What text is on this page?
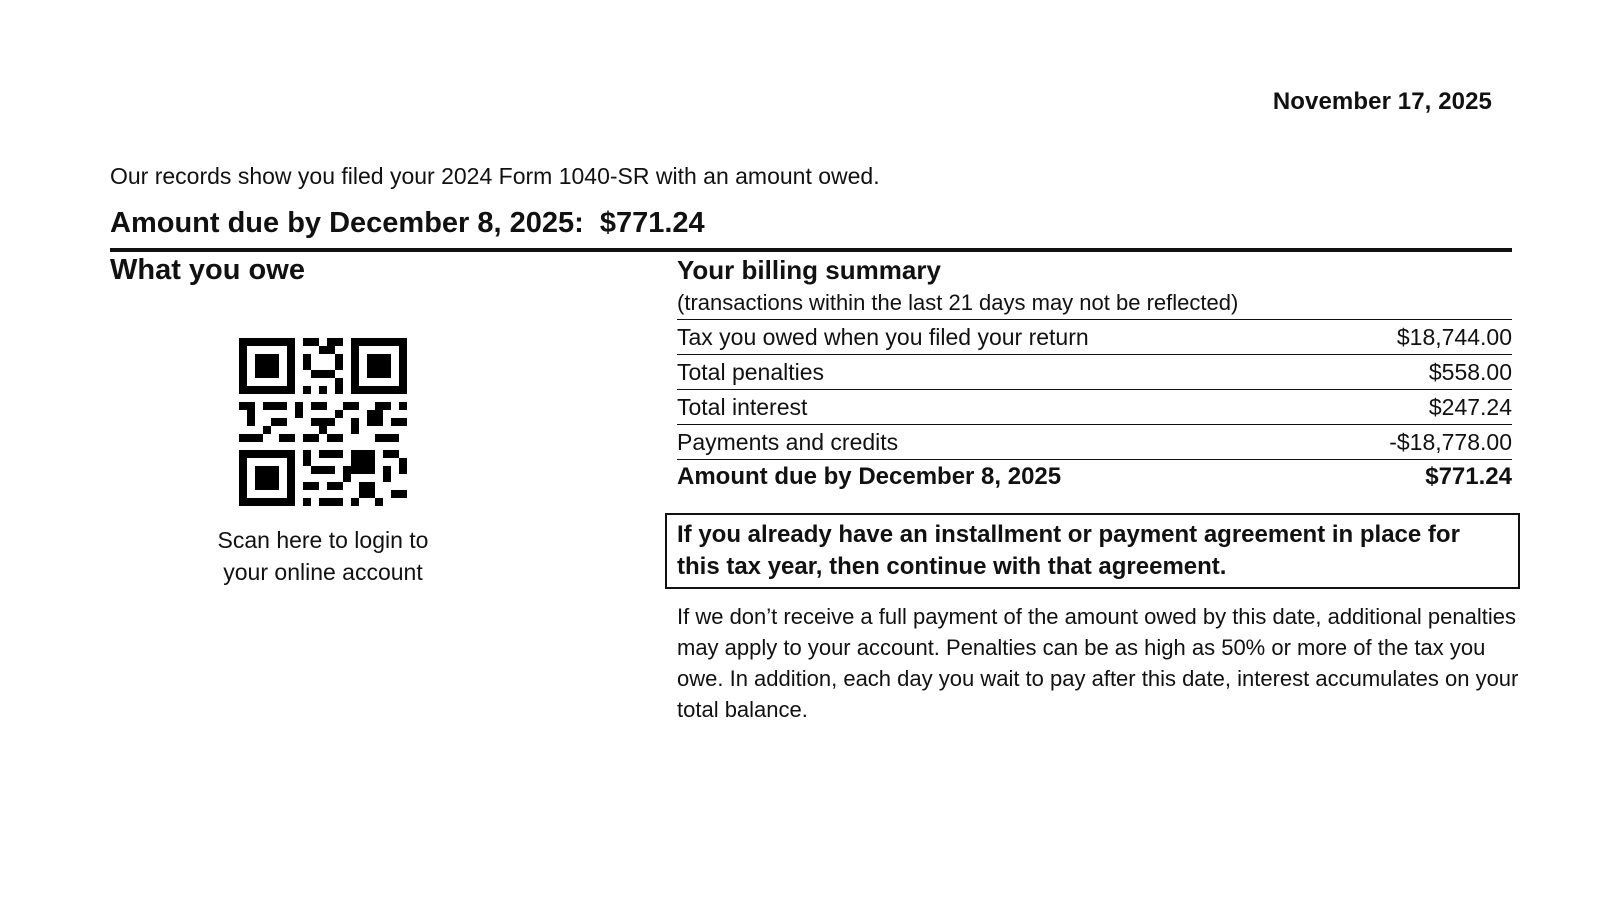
November 17, 2025
Our records show you filed your 2024 Form 1040-SR with an amount owed.
Amount due by December 8, 2025: $771.24
What you owe
Scan here to login to
your online account
Your billing summary
(transactions within the last 21 days may not be reflected)
Tax you owed when you filed your return	$18,744.00
Total penalties	$558.00
Total interest	$247.24
Payments and credits	-$18,778.00
Amount due by December 8, 2025	$771.24
If you already have an installment or payment agreement in place for this tax year, then continue with that agreement.
If we don’t receive a full payment of the amount owed by this date, additional penalties may apply to your account. Penalties can be as high as 50% or more of the tax you owe. In addition, each day you wait to pay after this date, interest accumulates on your total balance.
